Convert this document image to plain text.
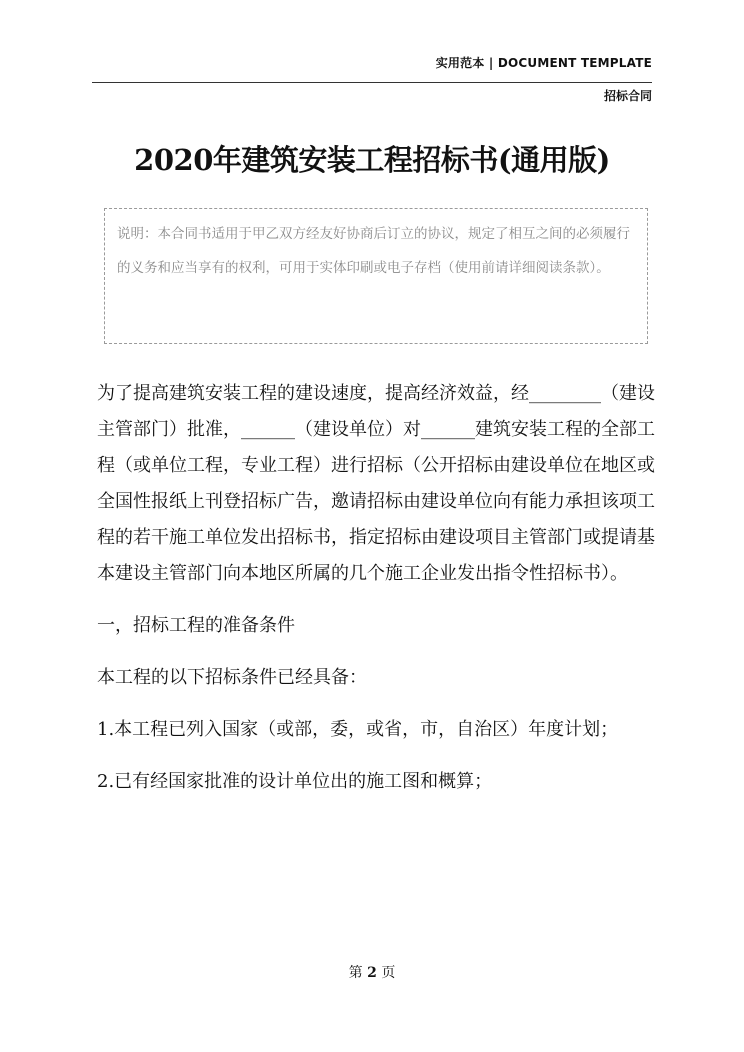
实用范本 | DOCUMENT TEMPLATE
招标合同
2020年建筑安装工程招标书(通用版)
说明：本合同书适用于甲乙双方经友好协商后订立的协议，规定了相互之间的必须履行的义务和应当享有的权利，可用于实体印刷或电子存档（使用前请详细阅读条款）。

为了提高建筑安装工程的建设速度，提高经济效益，经________（建设主管部门）批准，______（建设单位）对______建筑安装工程的全部工程（或单位工程，专业工程）进行招标（公开招标由建设单位在地区或全国性报纸上刊登招标广告，邀请招标由建设单位向有能力承担该项工程的若干施工单位发出招标书，指定招标由建设项目主管部门或提请基本建设主管部门向本地区所属的几个施工企业发出指令性招标书）。

一，招标工程的准备条件

本工程的以下招标条件已经具备：

1.本工程已列入国家（或部，委，或省，市，自治区）年度计划；

2.已有经国家批准的设计单位出的施工图和概算；

第 2 页
